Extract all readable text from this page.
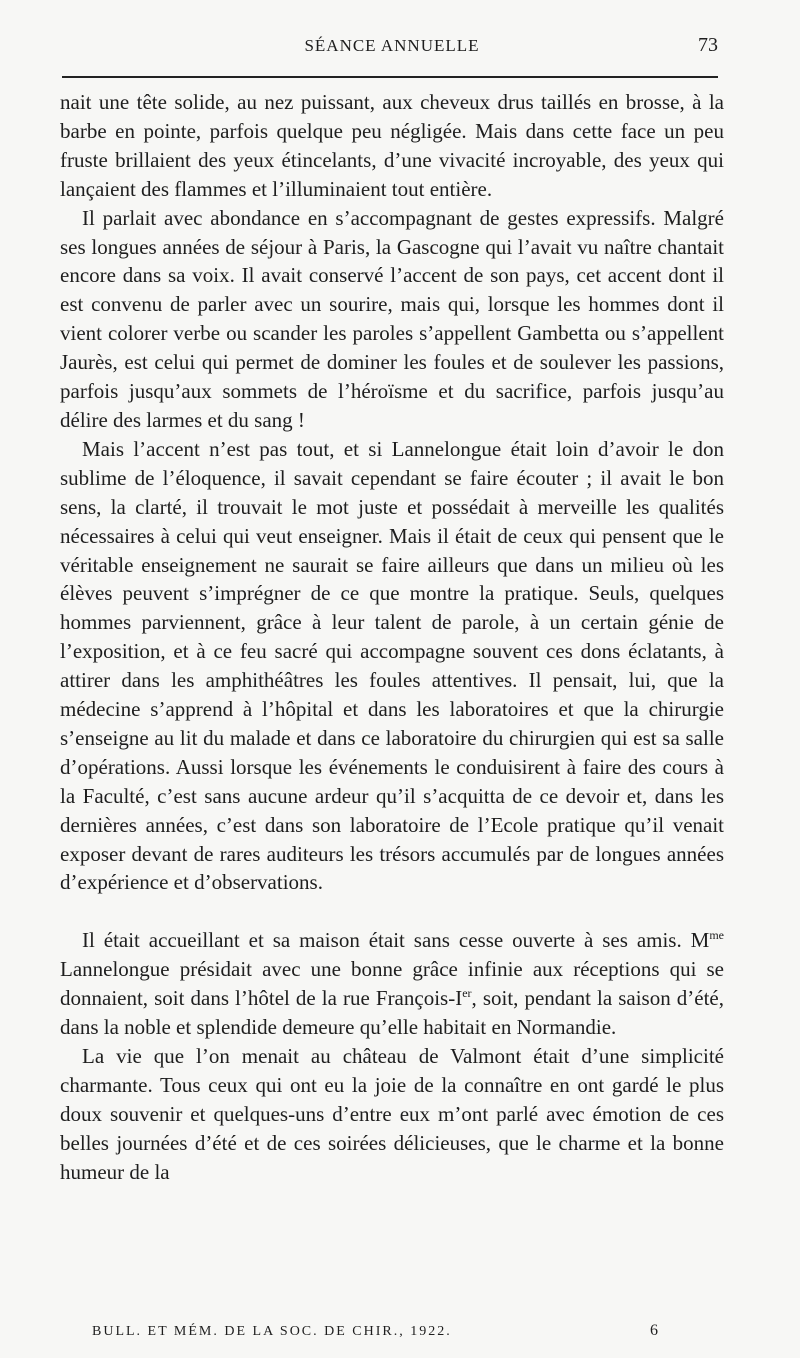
SÉANCE ANNUELLE	73

nait une tête solide, au nez puissant, aux cheveux drus taillés en brosse, à la barbe en pointe, parfois quelque peu négligée. Mais dans cette face un peu fruste brillaient des yeux étincelants, d’une vivacité incroyable, des yeux qui lançaient des flammes et l’illuminaient tout entière.

Il parlait avec abondance en s’accompagnant de gestes expressifs. Malgré ses longues années de séjour à Paris, la Gascogne qui l’avait vu naître chantait encore dans sa voix. Il avait conservé l’accent de son pays, cet accent dont il est convenu de parler avec un sourire, mais qui, lorsque les hommes dont il vient colorer verbe ou scander les paroles s’appellent Gambetta ou s’appellent Jaurès, est celui qui permet de dominer les foules et de soulever les passions, parfois jusqu’aux sommets de l’héroïsme et du sacrifice, parfois jusqu’au délire des larmes et du sang !

Mais l’accent n’est pas tout, et si Lannelongue était loin d’avoir le don sublime de l’éloquence, il savait cependant se faire écouter ; il avait le bon sens, la clarté, il trouvait le mot juste et possédait à merveille les qualités nécessaires à celui qui veut enseigner. Mais il était de ceux qui pensent que le véritable enseignement ne saurait se faire ailleurs que dans un milieu où les élèves peuvent s’imprégner de ce que montre la pratique. Seuls, quelques hommes parviennent, grâce à leur talent de parole, à un certain génie de l’exposition, et à ce feu sacré qui accompagne souvent ces dons éclatants, à attirer dans les amphithéâtres les foules attentives. Il pensait, lui, que la médecine s’apprend à l’hôpital et dans les laboratoires et que la chirurgie s’enseigne au lit du malade et dans ce laboratoire du chirurgien qui est sa salle d’opérations. Aussi lorsque les événements le conduisirent à faire des cours à la Faculté, c’est sans aucune ardeur qu’il s’acquitta de ce devoir et, dans les dernières années, c’est dans son laboratoire de l’Ecole pratique qu’il venait exposer devant de rares auditeurs les trésors accumulés par de longues années d’expérience et d’observations.

Il était accueillant et sa maison était sans cesse ouverte à ses amis. $M^{me}$ Lannelongue présidait avec une bonne grâce infinie aux réceptions qui se donnaient, soit dans l’hôtel de la rue François-Ier, soit, pendant la saison d’été, dans la noble et splendide demeure qu’elle habitait en Normandie.

La vie que l’on menait au château de Valmont était d’une simplicité charmante. Tous ceux qui ont eu la joie de la connaître en ont gardé le plus doux souvenir et quelques-uns d’entre eux m’ont parlé avec émotion de ces belles journées d’été et de ces soirées délicieuses, que le charme et la bonne humeur de la

BULL. ET MÉM. DE LA SOC. DE CHIR., 1922.	6
